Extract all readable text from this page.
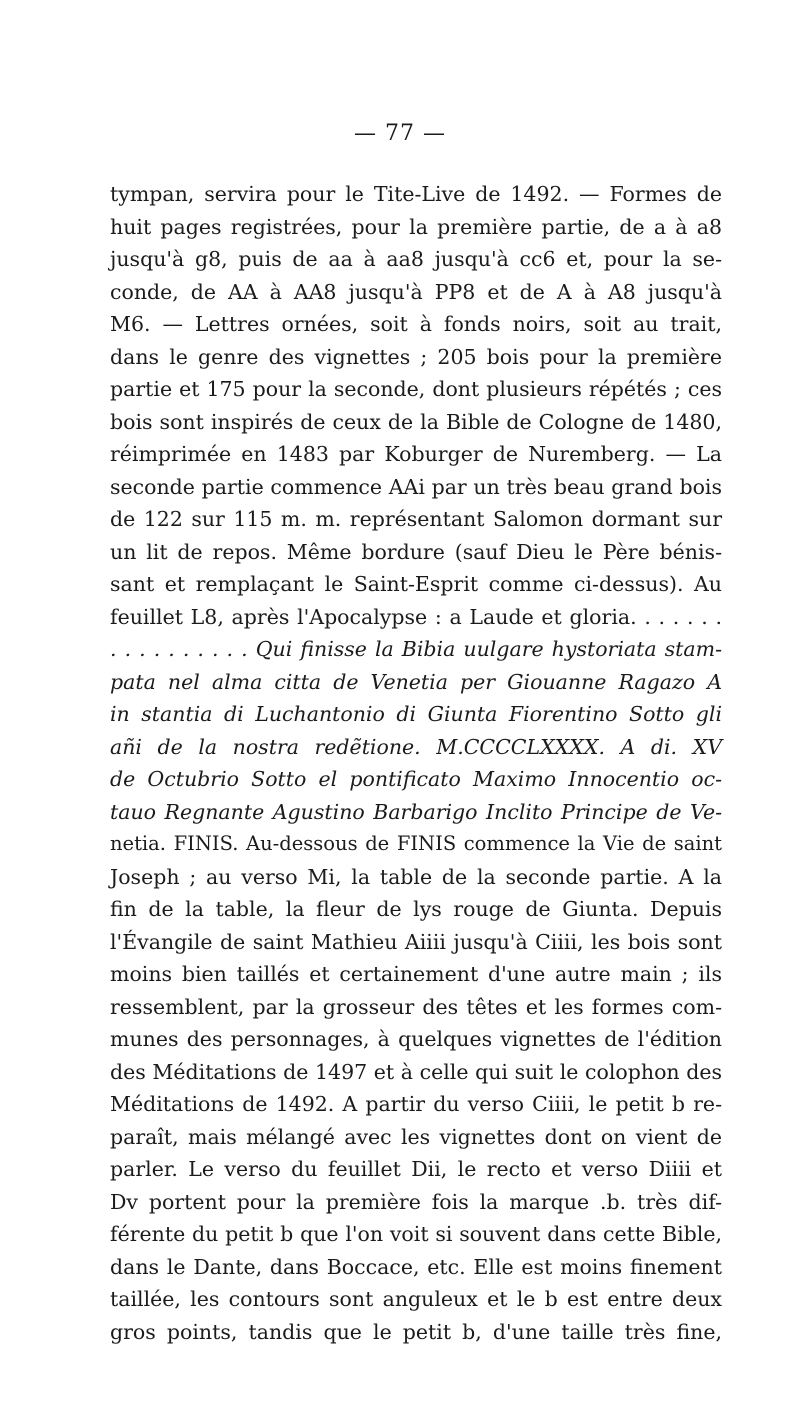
— 77 —
tympan, servira pour le Tite-Live de 1492. — Formes de
huit pages registrées, pour la première partie, de a à a8
jusqu'à g8, puis de aa à aa8 jusqu'à cc6 et, pour la se-
conde, de AA à AA8 jusqu'à PP8 et de A à A8 jusqu'à
M6. — Lettres ornées, soit à fonds noirs, soit au trait,
dans le genre des vignettes ; 205 bois pour la première
partie et 175 pour la seconde, dont plusieurs répétés ; ces
bois sont inspirés de ceux de la Bible de Cologne de 1480,
réimprimée en 1483 par Koburger de Nuremberg. — La
seconde partie commence AAi par un très beau grand bois
de 122 sur 115 m. m. représentant Salomon dormant sur
un lit de repos. Même bordure (sauf Dieu le Père bénis-
sant et remplaçant le Saint-Esprit comme ci-dessus). Au
feuillet L8, après l'Apocalypse : a Laude et gloria. . . . . . .
. . . . . . . . . . Qui finisse la Bibia uulgare hystoriata stam-
pata nel alma citta de Venetia per Giouanne Ragazo A
in stantia di Luchantonio di Giunta Fiorentino Sotto gli
añi de la nostra redẽtione. M.CCCCLXXXX. A di. XV
de Octubrio Sotto el pontificato Maximo Innocentio oc-
tauo Regnante Agustino Barbarigo Inclito Principe de Ve-
netia. FINIS. Au-dessous de FINIS commence la Vie de saint
Joseph ; au verso Mi, la table de la seconde partie. A la
fin de la table, la fleur de lys rouge de Giunta. Depuis
l'Évangile de saint Mathieu Aiiii jusqu'à Ciiii, les bois sont
moins bien taillés et certainement d'une autre main ; ils
ressemblent, par la grosseur des têtes et les formes com-
munes des personnages, à quelques vignettes de l'édition
des Méditations de 1497 et à celle qui suit le colophon des
Méditations de 1492. A partir du verso Ciiii, le petit b re-
paraît, mais mélangé avec les vignettes dont on vient de
parler. Le verso du feuillet Dii, le recto et verso Diiii et
Dv portent pour la première fois la marque .b. très dif-
férente du petit b que l'on voit si souvent dans cette Bible,
dans le Dante, dans Boccace, etc. Elle est moins finement
taillée, les contours sont anguleux et le b est entre deux
gros points, tandis que le petit b, d'une taille très fine,
